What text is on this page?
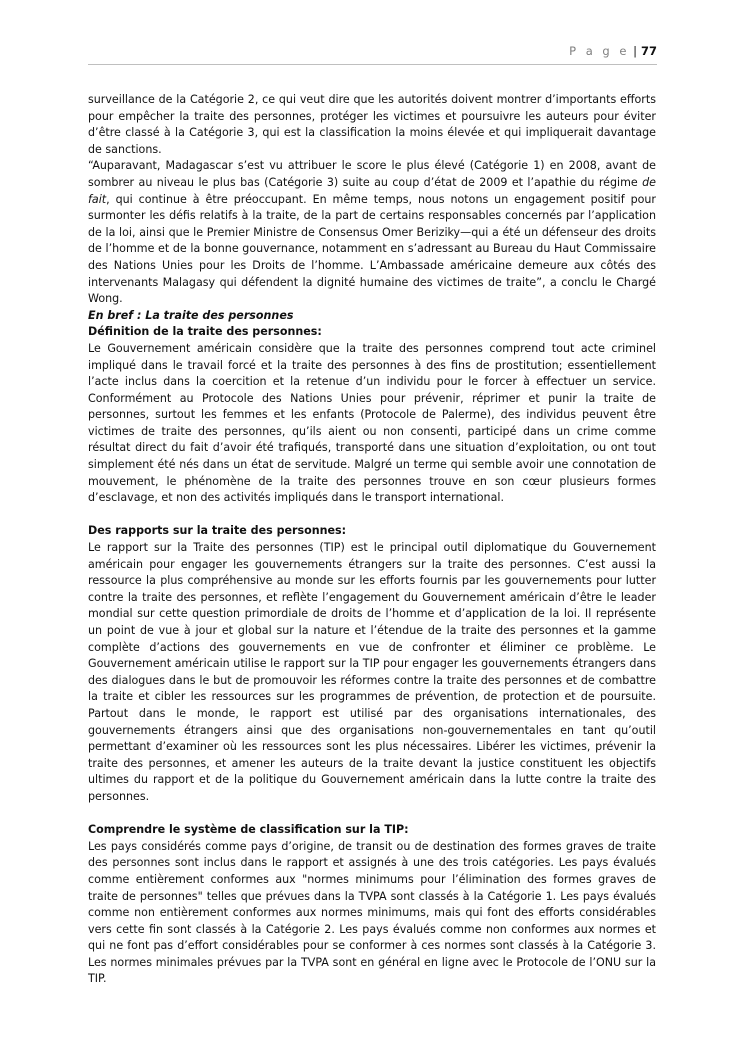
P a g e | 77

surveillance de la Catégorie 2, ce qui veut dire que les autorités doivent montrer d’importants efforts pour empêcher la traite des personnes, protéger les victimes et poursuivre les auteurs pour éviter d’être classé à la Catégorie 3, qui est la classification la moins élevée et qui impliquerait davantage de sanctions.

“Auparavant, Madagascar s’est vu attribuer le score le plus élevé (Catégorie 1) en 2008, avant de sombrer au niveau le plus bas (Catégorie 3) suite au coup d’état de 2009 et l’apathie du régime de fait, qui continue à être préoccupant. En même temps, nous notons un engagement positif pour surmonter les défis relatifs à la traite, de la part de certains responsables concernés par l’application de la loi, ainsi que le Premier Ministre de Consensus Omer Beriziky—qui a été un défenseur des droits de l’homme et de la bonne gouvernance, notamment en s’adressant au Bureau du Haut Commissaire des Nations Unies pour les Droits de l’homme. L’Ambassade américaine demeure aux côtés des intervenants Malagasy qui défendent la dignité humaine des victimes de traite”, a conclu le Chargé Wong.

En bref : La traite des personnes

Définition de la traite des personnes:

Le Gouvernement américain considère que la traite des personnes comprend tout acte criminel impliqué dans le travail forcé et la traite des personnes à des fins de prostitution; essentiellement l’acte inclus dans la coercition et la retenue d’un individu pour le forcer à effectuer un service. Conformément au Protocole des Nations Unies pour prévenir, réprimer et punir la traite de personnes, surtout les femmes et les enfants (Protocole de Palerme), des individus peuvent être victimes de traite des personnes, qu’ils aient ou non consenti, participé dans un crime comme résultat direct du fait d’avoir été trafiqués, transporté dans une situation d’exploitation, ou ont tout simplement été nés dans un état de servitude. Malgré un terme qui semble avoir une connotation de mouvement, le phénomène de la traite des personnes trouve en son cœur plusieurs formes d’esclavage, et non des activités impliqués dans le transport international.

Des rapports sur la traite des personnes:

Le rapport sur la Traite des personnes (TIP) est le principal outil diplomatique du Gouvernement américain pour engager les gouvernements étrangers sur la traite des personnes. C’est aussi la ressource la plus compréhensive au monde sur les efforts fournis par les gouvernements pour lutter contre la traite des personnes, et reflète l’engagement du Gouvernement américain d’être le leader mondial sur cette question primordiale de droits de l’homme et d’application de la loi. Il représente un point de vue à jour et global sur la nature et l’étendue de la traite des personnes et la gamme complète d’actions des gouvernements en vue de confronter et éliminer ce problème. Le Gouvernement américain utilise le rapport sur la TIP pour engager les gouvernements étrangers dans des dialogues dans le but de promouvoir les réformes contre la traite des personnes et de combattre la traite et cibler les ressources sur les programmes de prévention, de protection et de poursuite. Partout dans le monde, le rapport est utilisé par des organisations internationales, des gouvernements étrangers ainsi que des organisations non-gouvernementales en tant qu’outil permettant d’examiner où les ressources sont les plus nécessaires. Libérer les victimes, prévenir la traite des personnes, et amener les auteurs de la traite devant la justice constituent les objectifs ultimes du rapport et de la politique du Gouvernement américain dans la lutte contre la traite des personnes.

Comprendre le système de classification sur la TIP:

Les pays considérés comme pays d’origine, de transit ou de destination des formes graves de traite des personnes sont inclus dans le rapport et assignés à une des trois catégories. Les pays évalués comme entièrement conformes aux "normes minimums pour l’élimination des formes graves de traite de personnes" telles que prévues dans la TVPA sont classés à la Catégorie 1. Les pays évalués comme non entièrement conformes aux normes minimums, mais qui font des efforts considérables vers cette fin sont classés à la Catégorie 2. Les pays évalués comme non conformes aux normes et qui ne font pas d’effort considérables pour se conformer à ces normes sont classés à la Catégorie 3. Les normes minimales prévues par la TVPA sont en général en ligne avec le Protocole de l’ONU sur la TIP.
